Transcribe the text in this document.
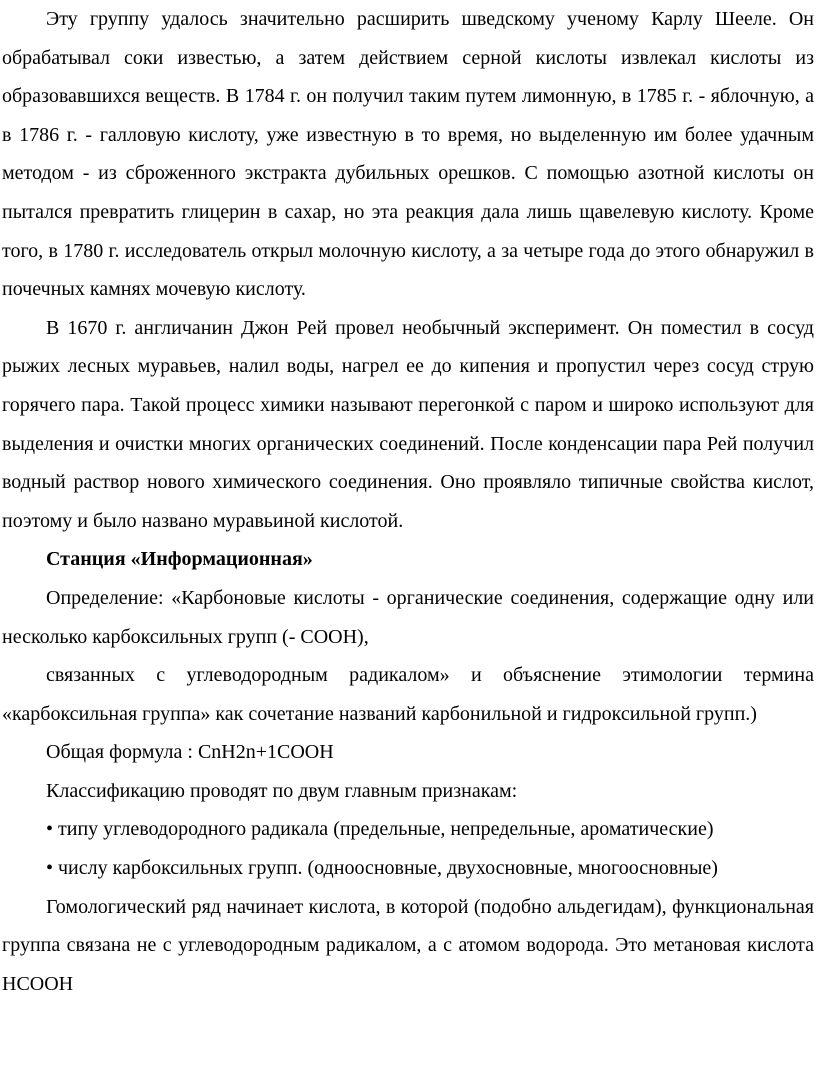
Эту группу удалось значительно расширить шведскому ученому Карлу Шееле. Он обрабатывал соки известью, а затем действием серной кислоты извлекал кислоты из образовавшихся веществ. В 1784 г. он получил таким путем лимонную, в 1785 г. - яблочную, а в 1786 г. - галловую кислоту, уже известную в то время, но выделенную им более удачным методом - из сброженного экстракта дубильных орешков. С помощью азотной кислоты он пытался превратить глицерин в сахар, но эта реакция дала лишь щавелевую кислоту. Кроме того, в 1780 г. исследователь открыл молочную кислоту, а за четыре года до этого обнаружил в почечных камнях мочевую кислоту.

В 1670 г. англичанин Джон Рей провел необычный эксперимент. Он поместил в сосуд рыжих лесных муравьев, налил воды, нагрел ее до кипения и пропустил через сосуд струю горячего пара. Такой процесс химики называют перегонкой с паром и широко используют для выделения и очистки многих органических соединений. После конденсации пара Рей получил водный раствор нового химического соединения. Оно проявляло типичные свойства кислот, поэтому и было названо муравьиной кислотой.

Станция «Информационная»

Определение: «Карбоновые кислоты - органические соединения, содержащие одну или несколько карбоксильных групп (- СООН),

связанных с углеводородным радикалом» и объяснение этимологии термина «карбоксильная группа» как сочетание названий карбонильной и гидроксильной групп.)

Общая формула : CnH2n+1COOH

Классификацию проводят по двум главным признакам:

• типу углеводородного радикала (предельные, непредельные, ароматические)

• числу карбоксильных групп. (одноосновные, двухосновные, многоосновные)

Гомологический ряд начинает кислота, в которой (подобно альдегидам), функциональная группа связана не с углеводородным радикалом, а с атомом водорода. Это метановая кислота HCOOH
